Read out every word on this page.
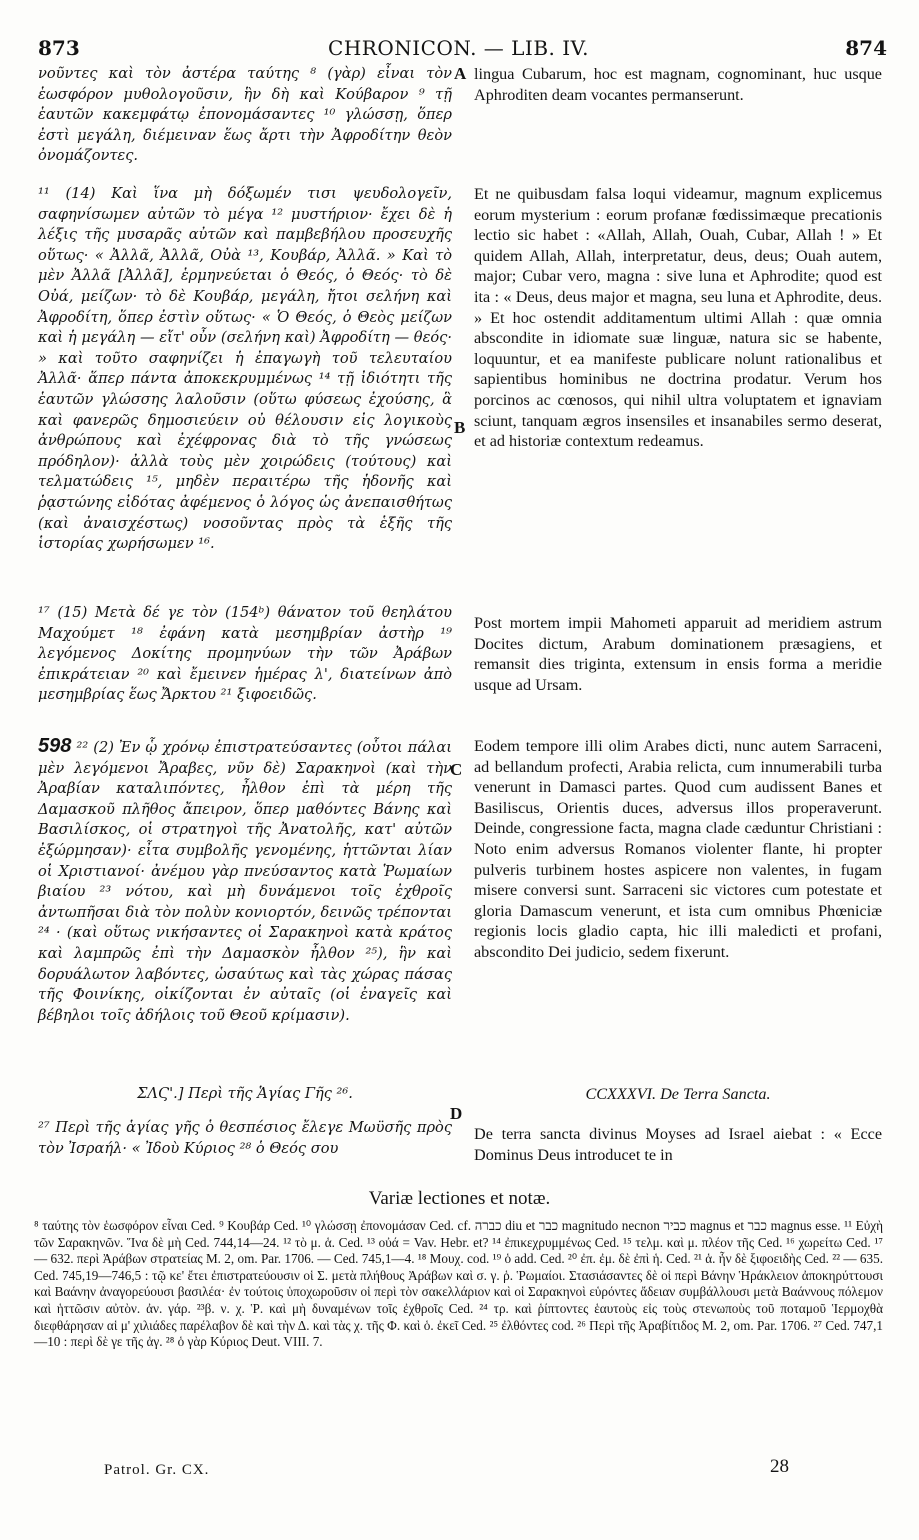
873	CHRONICON. — LIB. IV.	874

νοῦντες καὶ τὸν ἀστέρα ταύτης ⁸ (γὰρ) εἶναι τὸν ἑωσφόρον μυθολογοῦσιν, ἣν δὴ καὶ Κούβαρον ⁹ τῇ ἑαυτῶν κακεμφάτῳ ἐπονομάσαντες ¹⁰ γλώσσῃ, ὅπερ ἐστὶ μεγάλη, διέμειναν ἕως ἄρτι τὴν Ἀφροδίτην θεὸν ὀνομάζοντες.

¹¹ (14) Καὶ ἵνα μὴ δόξωμέν τισι ψευδολογεῖν, σαφηνίσωμεν αὐτῶν τὸ μέγα ¹² μυστήριον· ἔχει δὲ ἡ λέξις τῆς μυσαρᾶς αὐτῶν καὶ παμβεβήλου προσευχῆς οὕτως· « Ἀλλᾶ, Ἀλλᾶ, Οὐὰ ¹³, Κουβάρ, Ἀλλᾶ. » Καὶ τὸ μὲν Ἀλλᾶ [Ἀλλᾶ], ἑρμηνεύεται ὁ Θεός, ὁ Θεός· τὸ δὲ Οὐά, μείζων· τὸ δὲ Κουβάρ, μεγάλη, ἤτοι σελήνη καὶ Ἀφροδίτη, ὅπερ ἐστὶν οὕτως· « Ὁ Θεός, ὁ Θεὸς μείζων καὶ ἡ μεγάλη — εἴτ' οὖν (σελήνη καὶ) Ἀφροδίτη — θεός· » καὶ τοῦτο σαφηνίζει ἡ ἐπαγωγὴ τοῦ τελευταίου Ἀλλᾶ· ἅπερ πάντα ἀποκεκρυμμένως ¹⁴ τῇ ἰδιότητι τῆς ἑαυτῶν γλώσσης λαλοῦσιν (οὕτω φύσεως ἐχούσης, ἃ καὶ φανερῶς δημοσιεύειν οὐ θέλουσιν εἰς λογικοὺς ἀνθρώπους καὶ ἐχέφρονας διὰ τὸ τῆς γνώσεως πρόδηλον)· ἀλλὰ τοὺς μὲν χοιρώδεις (τούτους) καὶ τελματώδεις ¹⁵, μηδὲν περαιτέρω τῆς ἡδονῆς καὶ ῥᾳστώνης εἰδότας ἀφέμενος ὁ λόγος ὡς ἀνεπαισθήτως (καὶ ἀναισχέστως) νοσοῦντας πρὸς τὰ ἑξῆς τῆς ἱστορίας χωρήσωμεν ¹⁶.

¹⁷ (15) Μετὰ δέ γε τὸν (154ᵇ) θάνατον τοῦ θεηλάτου Μαχούμετ ¹⁸ ἐφάνη κατὰ μεσημβρίαν ἀστὴρ ¹⁹ λεγόμενος Δοκίτης προμηνύων τὴν τῶν Ἀράβων ἐπικράτειαν ²⁰ καὶ ἔμεινεν ἡμέρας λ', διατείνων ἀπὸ μεσημβρίας ἕως Ἄρκτου ²¹ ξιφοειδῶς.

598 ²² (2) Ἐν ᾧ χρόνῳ ἐπιστρατεύσαντες (οὗτοι πάλαι μὲν λεγόμενοι Ἄραβες, νῦν δὲ) Σαρακηνοὶ (καὶ τὴν Ἀραβίαν καταλιπόντες, ἦλθον ἐπὶ τὰ μέρη τῆς Δαμασκοῦ πλῆθος ἄπειρον, ὅπερ μαθόντες Βάνης καὶ Βασιλίσκος, οἱ στρατηγοὶ τῆς Ἀνατολῆς, κατ' αὐτῶν ἐξώρμησαν)· εἶτα συμβολῆς γενομένης, ἡττῶνται λίαν οἱ Χριστιανοί· ἀνέμου γὰρ πνεύσαντος κατὰ Ῥωμαίων βιαίου ²³ νότου, καὶ μὴ δυνάμενοι τοῖς ἐχθροῖς ἀντωπῆσαι διὰ τὸν πολὺν κονιορτόν, δεινῶς τρέπονται ²⁴ · (καὶ οὕτως νικήσαντες οἱ Σαρακηνοὶ κατὰ κράτος καὶ λαμπρῶς ἐπὶ τὴν Δαμασκὸν ἦλθον ²⁵), ἣν καὶ δορυάλωτον λαβόντες, ὡσαύτως καὶ τὰς χώρας πάσας τῆς Φοινίκης, οἰκίζονται ἐν αὐταῖς (οἱ ἐναγεῖς καὶ βέβηλοι τοῖς ἀδήλοις τοῦ Θεοῦ κρίμασιν).

ΣΛϚ'.] Περὶ τῆς Ἁγίας Γῆς ²⁶.

²⁷ Περὶ τῆς ἁγίας γῆς ὁ θεσπέσιος ἔλεγε Μωϋσῆς πρὸς τὸν Ἰσραήλ· « Ἰδοὺ Κύριος ²⁸ ὁ Θεός σου

lingua Cubarum, hoc est magnam, cognominant, huc usque Aphroditen deam vocantes permanserunt.

Et ne quibusdam falsa loqui videamur, magnum explicemus eorum mysterium : eorum profanæ fœdissimæque precationis lectio sic habet : «Allah, Allah, Ouah, Cubar, Allah ! » Et quidem Allah, Allah, interpretatur, deus, deus; Ouah autem, major; Cubar vero, magna : sive luna et Aphrodite; quod est ita : « Deus, deus major et magna, seu luna et Aphrodite, deus. » Et hoc ostendit additamentum ultimi Allah : quæ omnia abscondite in idiomate suæ linguæ, natura sic se habente, loquuntur, et ea manifeste publicare nolunt rationalibus et sapientibus hominibus ne doctrina prodatur. Verum hos porcinos ac cœnosos, qui nihil ultra voluptatem et ignaviam sciunt, tanquam ægros insensiles et insanabiles sermo deserat, et ad historiæ contextum redeamus.

Post mortem impii Mahometi apparuit ad meridiem astrum Docites dictum, Arabum dominationem præsagiens, et remansit dies triginta, extensum in ensis forma a meridie usque ad Ursam.

Eodem tempore illi olim Arabes dicti, nunc autem Sarraceni, ad bellandum profecti, Arabia relicta, cum innumerabili turba venerunt in Damasci partes. Quod cum audissent Banes et Basiliscus, Orientis duces, adversus illos properaverunt. Deinde, congressione facta, magna clade cæduntur Christiani : Noto enim adversus Romanos violenter flante, hi propter pulveris turbinem hostes aspicere non valentes, in fugam misere conversi sunt. Sarraceni sic victores cum potestate et gloria Damascum venerunt, et ista cum omnibus Phœniciæ regionis locis gladio capta, hic illi maledicti et profani, abscondito Dei judicio, sedem fixerunt.

CCXXXVI. De Terra Sancta.

De terra sancta divinus Moyses ad Israel aiebat : « Ecce Dominus Deus introducet te in

A
B
C
D
Variæ lectiones et notæ.

⁸ ταύτης τὸν ἑωσφόρον εἶναι Ced. ⁹ Κουβάρ Ced. ¹⁰ γλώσσῃ ἐπονομάσαν Ced. cf. כברה diu et כבר magnitudo necnon כביר magnus et כבר magnus esse. ¹¹ Εὐχὴ τῶν Σαρακηνῶν. Ἵνα δὲ μὴ Ced. 744,14—24. ¹² τὸ μ. ἁ. Ced. ¹³ οὐά = Vav. Hebr. et? ¹⁴ ἐπικεχρυμμένως Ced. ¹⁵ τελμ. καὶ μ. πλέον τῆς Ced. ¹⁶ χωρείτω Ced. ¹⁷ — 632. περὶ Ἀράβων στρατείας M. 2, om. Par. 1706. — Ced. 745,1—4. ¹⁸ Μουχ. cod. ¹⁹ ὁ add. Ced. ²⁰ ἐπ. ἐμ. δὲ ἐπὶ ἡ. Ced. ²¹ ἁ. ἦν δὲ ξιφοειδὴς Ced. ²² — 635. Ced. 745,19—746,5 : τῷ κε' ἔτει ἐπιστρατεύουσιν οἱ Σ. μετὰ πλήθους Ἀράβων καὶ σ. γ. ῥ. Ῥωμαίοι. Στασιάσαντες δὲ οἱ περὶ Βάνην Ἡράκλειον ἀποκηρύττουσι καὶ Βαάνην ἀναγορεύουσι βασιλέα· ἐν τούτοις ὑποχωροῦσιν οἱ περὶ τὸν σακελλάριον καὶ οἱ Σαρακηνοὶ εὑρόντες ἄδειαν συμβάλλουσι μετὰ Βαάννους πόλεμον καὶ ἡττῶσιν αὐτὸν. ἀν. γάρ. ²³β. ν. χ. Ῥ. καὶ μὴ δυναμένων τοῖς ἐχθροῖς Ced. ²⁴ τρ. καὶ ῥίπτοντες ἑαυτοὺς εἰς τοὺς στενωποὺς τοῦ ποταμοῦ Ἱερμοχθὰ διεφθάρησαν αἱ μ' χιλιάδες παρέλαβον δὲ καὶ τὴν Δ. καὶ τὰς χ. τῆς Φ. καὶ ὁ. ἐκεῖ Ced. ²⁵ ἐλθόντες cod. ²⁶ Περὶ τῆς Ἀραβίτιδος M. 2, om. Par. 1706. ²⁷ Ced. 747,1—10 : περὶ δὲ γε τῆς ἁγ. ²⁸ ὁ γὰρ Κύριος Deut. VIII. 7.

Patrol. Gr. CX.	28
